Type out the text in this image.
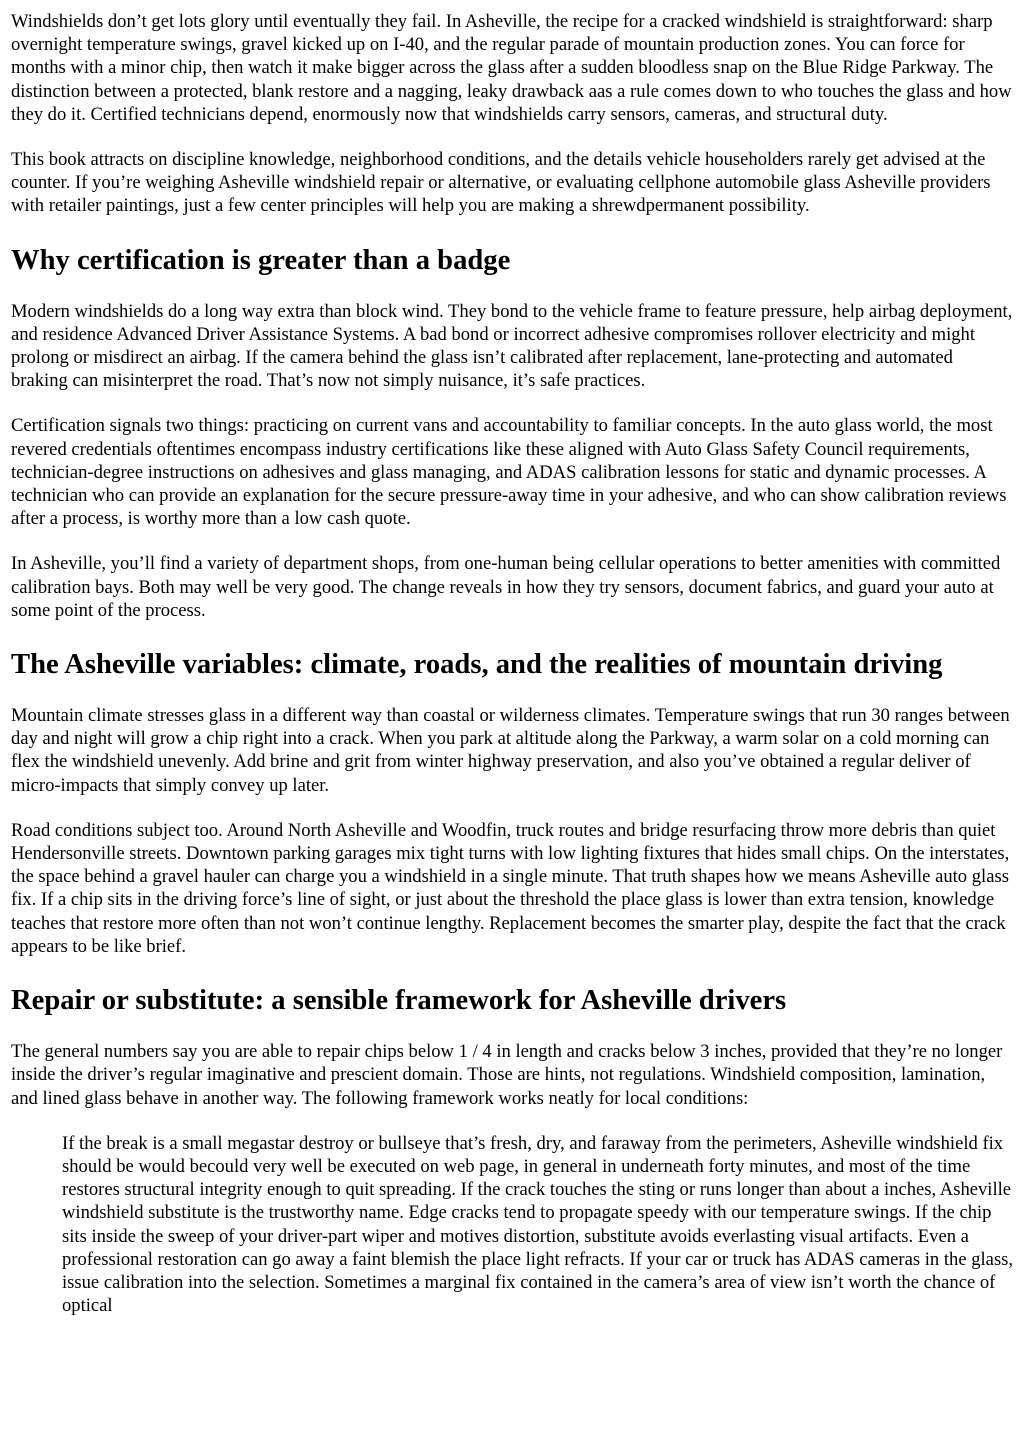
Windshields don’t get lots glory until eventually they fail. In Asheville, the recipe for a cracked windshield is straightforward: sharp overnight temperature swings, gravel kicked up on I-40, and the regular parade of mountain production zones. You can force for months with a minor chip, then watch it make bigger across the glass after a sudden bloodless snap on the Blue Ridge Parkway. The distinction between a protected, blank restore and a nagging, leaky drawback aas a rule comes down to who touches the glass and how they do it. Certified technicians depend, enormously now that windshields carry sensors, cameras, and structural duty.

This book attracts on discipline knowledge, neighborhood conditions, and the details vehicle householders rarely get advised at the counter. If you’re weighing Asheville windshield repair or alternative, or evaluating cellphone automobile glass Asheville providers with retailer paintings, just a few center principles will help you are making a shrewdpermanent possibility.

Why certification is greater than a badge

Modern windshields do a long way extra than block wind. They bond to the vehicle frame to feature pressure, help airbag deployment, and residence Advanced Driver Assistance Systems. A bad bond or incorrect adhesive compromises rollover electricity and might prolong or misdirect an airbag. If the camera behind the glass isn’t calibrated after replacement, lane-protecting and automated braking can misinterpret the road. That’s now not simply nuisance, it’s safe practices.

Certification signals two things: practicing on current vans and accountability to familiar concepts. In the auto glass world, the most revered credentials oftentimes encompass industry certifications like these aligned with Auto Glass Safety Council requirements, technician-degree instructions on adhesives and glass managing, and ADAS calibration lessons for static and dynamic processes. A technician who can provide an explanation for the secure pressure-away time in your adhesive, and who can show calibration reviews after a process, is worthy more than a low cash quote.

In Asheville, you’ll find a variety of department shops, from one-human being cellular operations to better amenities with committed calibration bays. Both may well be very good. The change reveals in how they try sensors, document fabrics, and guard your auto at some point of the process.

The Asheville variables: climate, roads, and the realities of mountain driving

Mountain climate stresses glass in a different way than coastal or wilderness climates. Temperature swings that run 30 ranges between day and night will grow a chip right into a crack. When you park at altitude along the Parkway, a warm solar on a cold morning can flex the windshield unevenly. Add brine and grit from winter highway preservation, and also you’ve obtained a regular deliver of micro-impacts that simply convey up later.

Road conditions subject too. Around North Asheville and Woodfin, truck routes and bridge resurfacing throw more debris than quiet Hendersonville streets. Downtown parking garages mix tight turns with low lighting fixtures that hides small chips. On the interstates, the space behind a gravel hauler can charge you a windshield in a single minute. That truth shapes how we means Asheville auto glass fix. If a chip sits in the driving force’s line of sight, or just about the threshold the place glass is lower than extra tension, knowledge teaches that restore more often than not won’t continue lengthy. Replacement becomes the smarter play, despite the fact that the crack appears to be like brief.

Repair or substitute: a sensible framework for Asheville drivers

The general numbers say you are able to repair chips below 1 / 4 in length and cracks below 3 inches, provided that they’re no longer inside the driver’s regular imaginative and prescient domain. Those are hints, not regulations. Windshield composition, lamination, and lined glass behave in another way. The following framework works neatly for local conditions:

If the break is a small megastar destroy or bullseye that’s fresh, dry, and faraway from the perimeters, Asheville windshield fix should be would becould very well be executed on web page, in general in underneath forty minutes, and most of the time restores structural integrity enough to quit spreading. If the crack touches the sting or runs longer than about a inches, Asheville windshield substitute is the trustworthy name. Edge cracks tend to propagate speedy with our temperature swings. If the chip sits inside the sweep of your driver-part wiper and motives distortion, substitute avoids everlasting visual artifacts. Even a professional restoration can go away a faint blemish the place light refracts. If your car or truck has ADAS cameras in the glass, issue calibration into the selection. Sometimes a marginal fix contained in the camera’s area of view isn’t worth the chance of optical
